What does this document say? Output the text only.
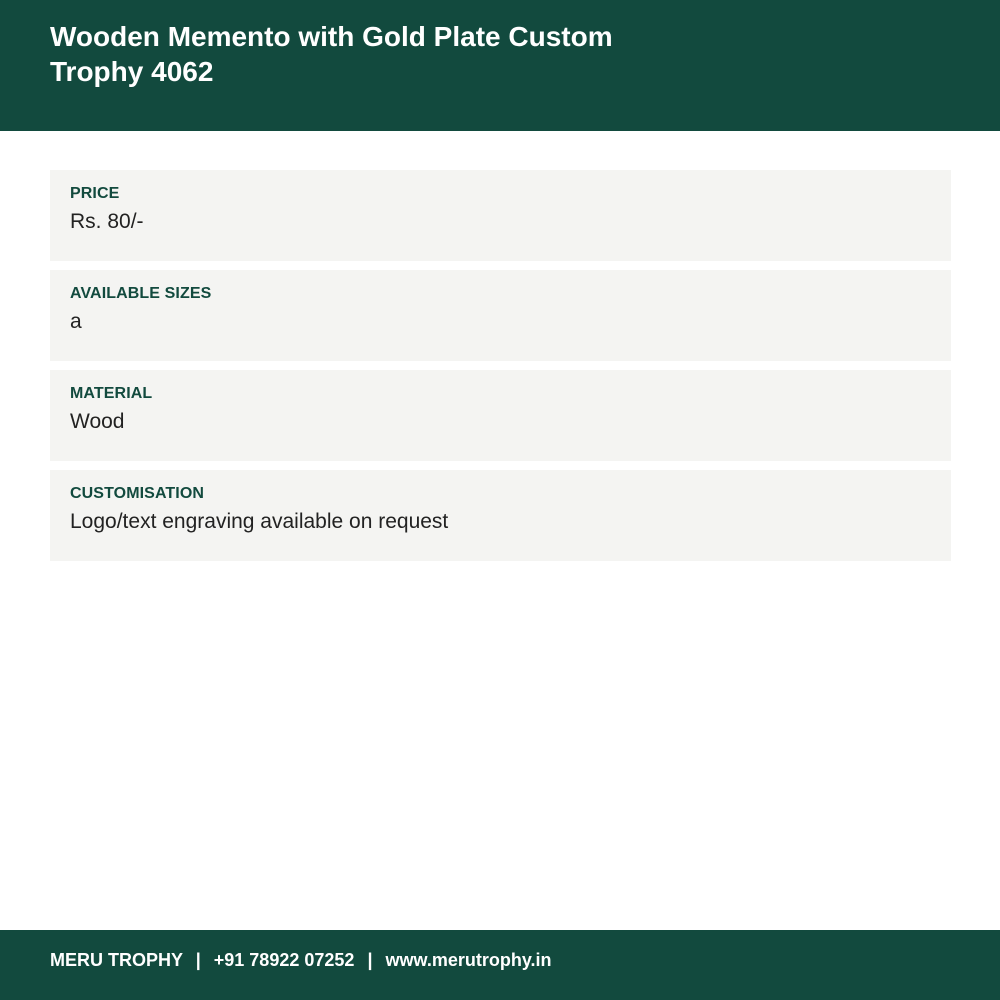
Wooden Memento with Gold Plate Custom Trophy 4062
PRICE
Rs. 80/-
AVAILABLE SIZES
a
MATERIAL
Wood
CUSTOMISATION
Logo/text engraving available on request
MERU TROPHY | +91 78922 07252 | www.merutrophy.in
